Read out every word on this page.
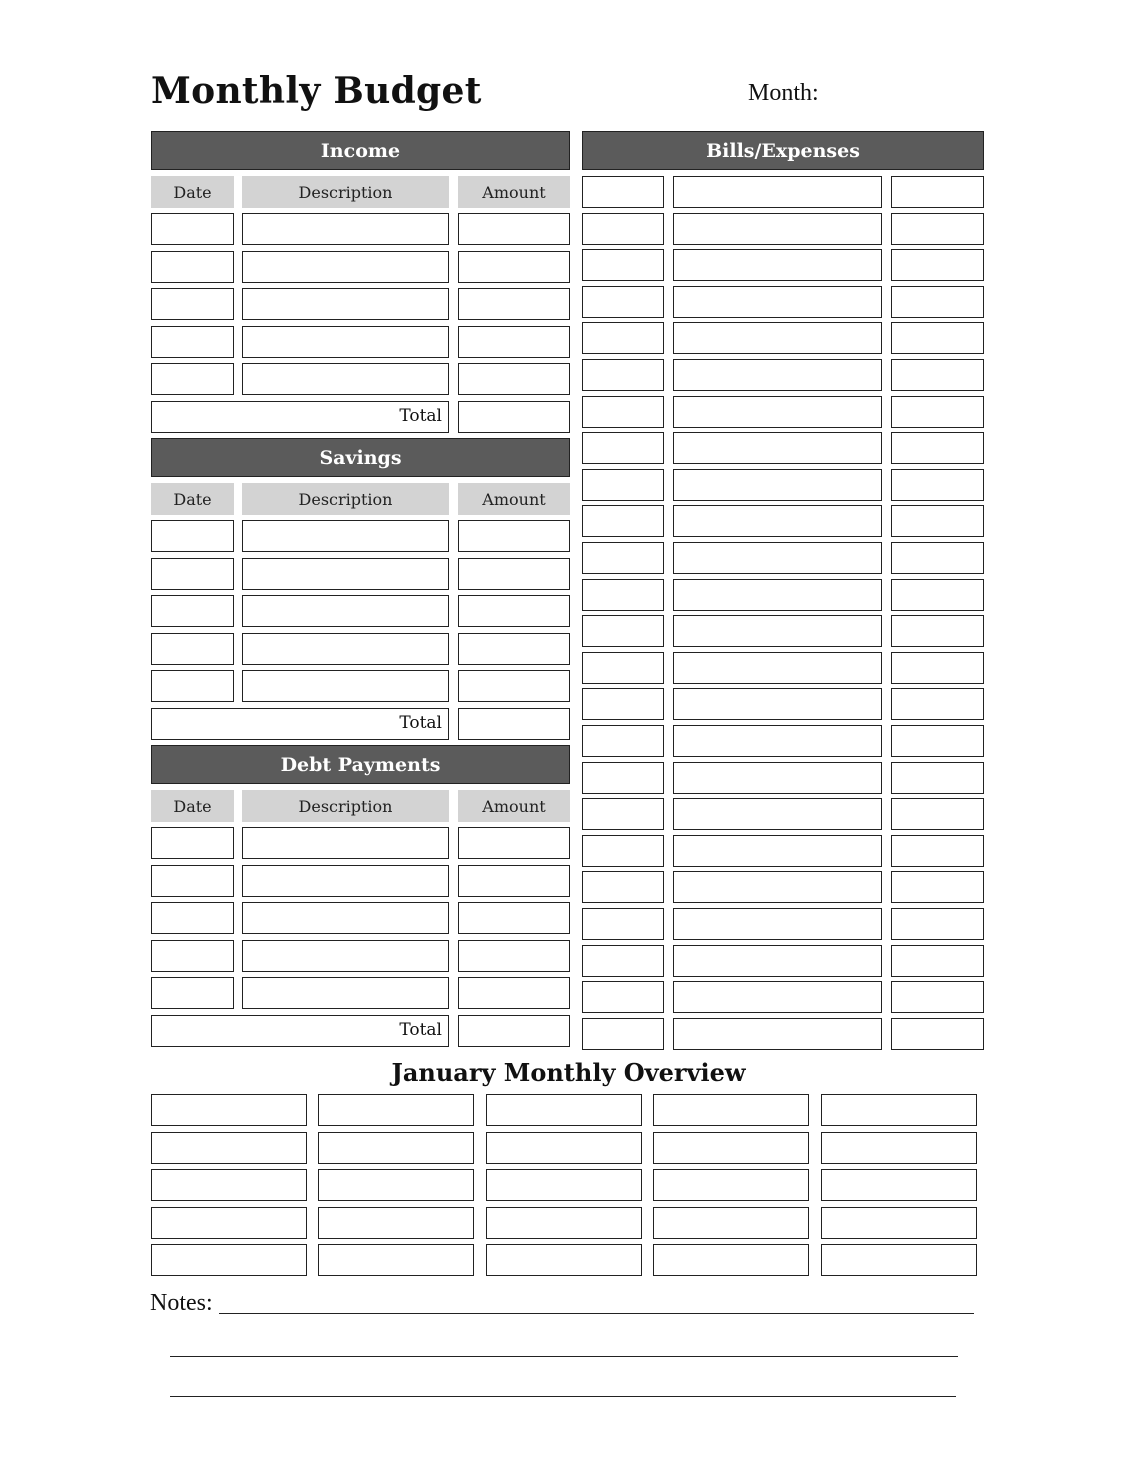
Monthly Budget	Month:
Income
Date	Description	Amount
Total
Savings
Date	Description	Amount
Total
Debt Payments
Date	Description	Amount
Total
Bills/Expenses
January Monthly Overview
Notes:
